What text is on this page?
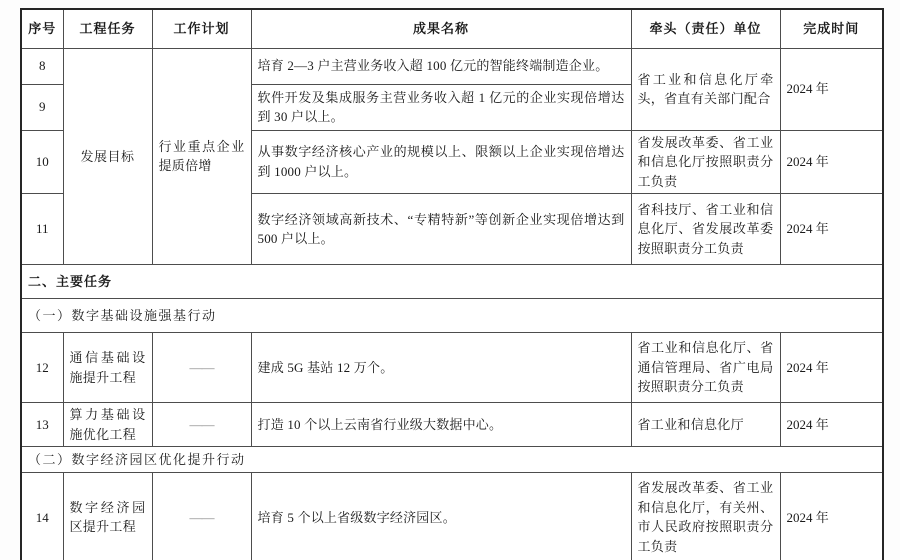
序号	工程任务	工作计划	成果名称	牵头（责任）单位	完成时间
8	发展目标	行业重点企业提质倍增	培育 2—3 户主营业务收入超 100 亿元的智能终端制造企业。	省工业和信息化厅牵头，省直有关部门配合	2024 年
9			软件开发及集成服务主营业务收入超 1 亿元的企业实现倍增达到 30 户以上。		
10			从事数字经济核心产业的规模以上、限额以上企业实现倍增达到 1000 户以上。	省发展改革委、省工业和信息化厅按照职责分工负责	2024 年
11			数字经济领域高新技术、“专精特新”等创新企业实现倍增达到 500 户以上。	省科技厅、省工业和信息化厅、省发展改革委按照职责分工负责	2024 年
二、主要任务					
（一）数字基础设施强基行动					
12	通信基础设施提升工程	——	建成 5G 基站 12 万个。	省工业和信息化厅、省通信管理局、省广电局按照职责分工负责	2024 年
13	算力基础设施优化工程	——	打造 10 个以上云南省行业级大数据中心。	省工业和信息化厅	2024 年
（二）数字经济园区优化提升行动					
14	数字经济园区提升工程	——	培育 5 个以上省级数字经济园区。	省发展改革委、省工业和信息化厅，有关州、市人民政府按照职责分工负责	2024 年
